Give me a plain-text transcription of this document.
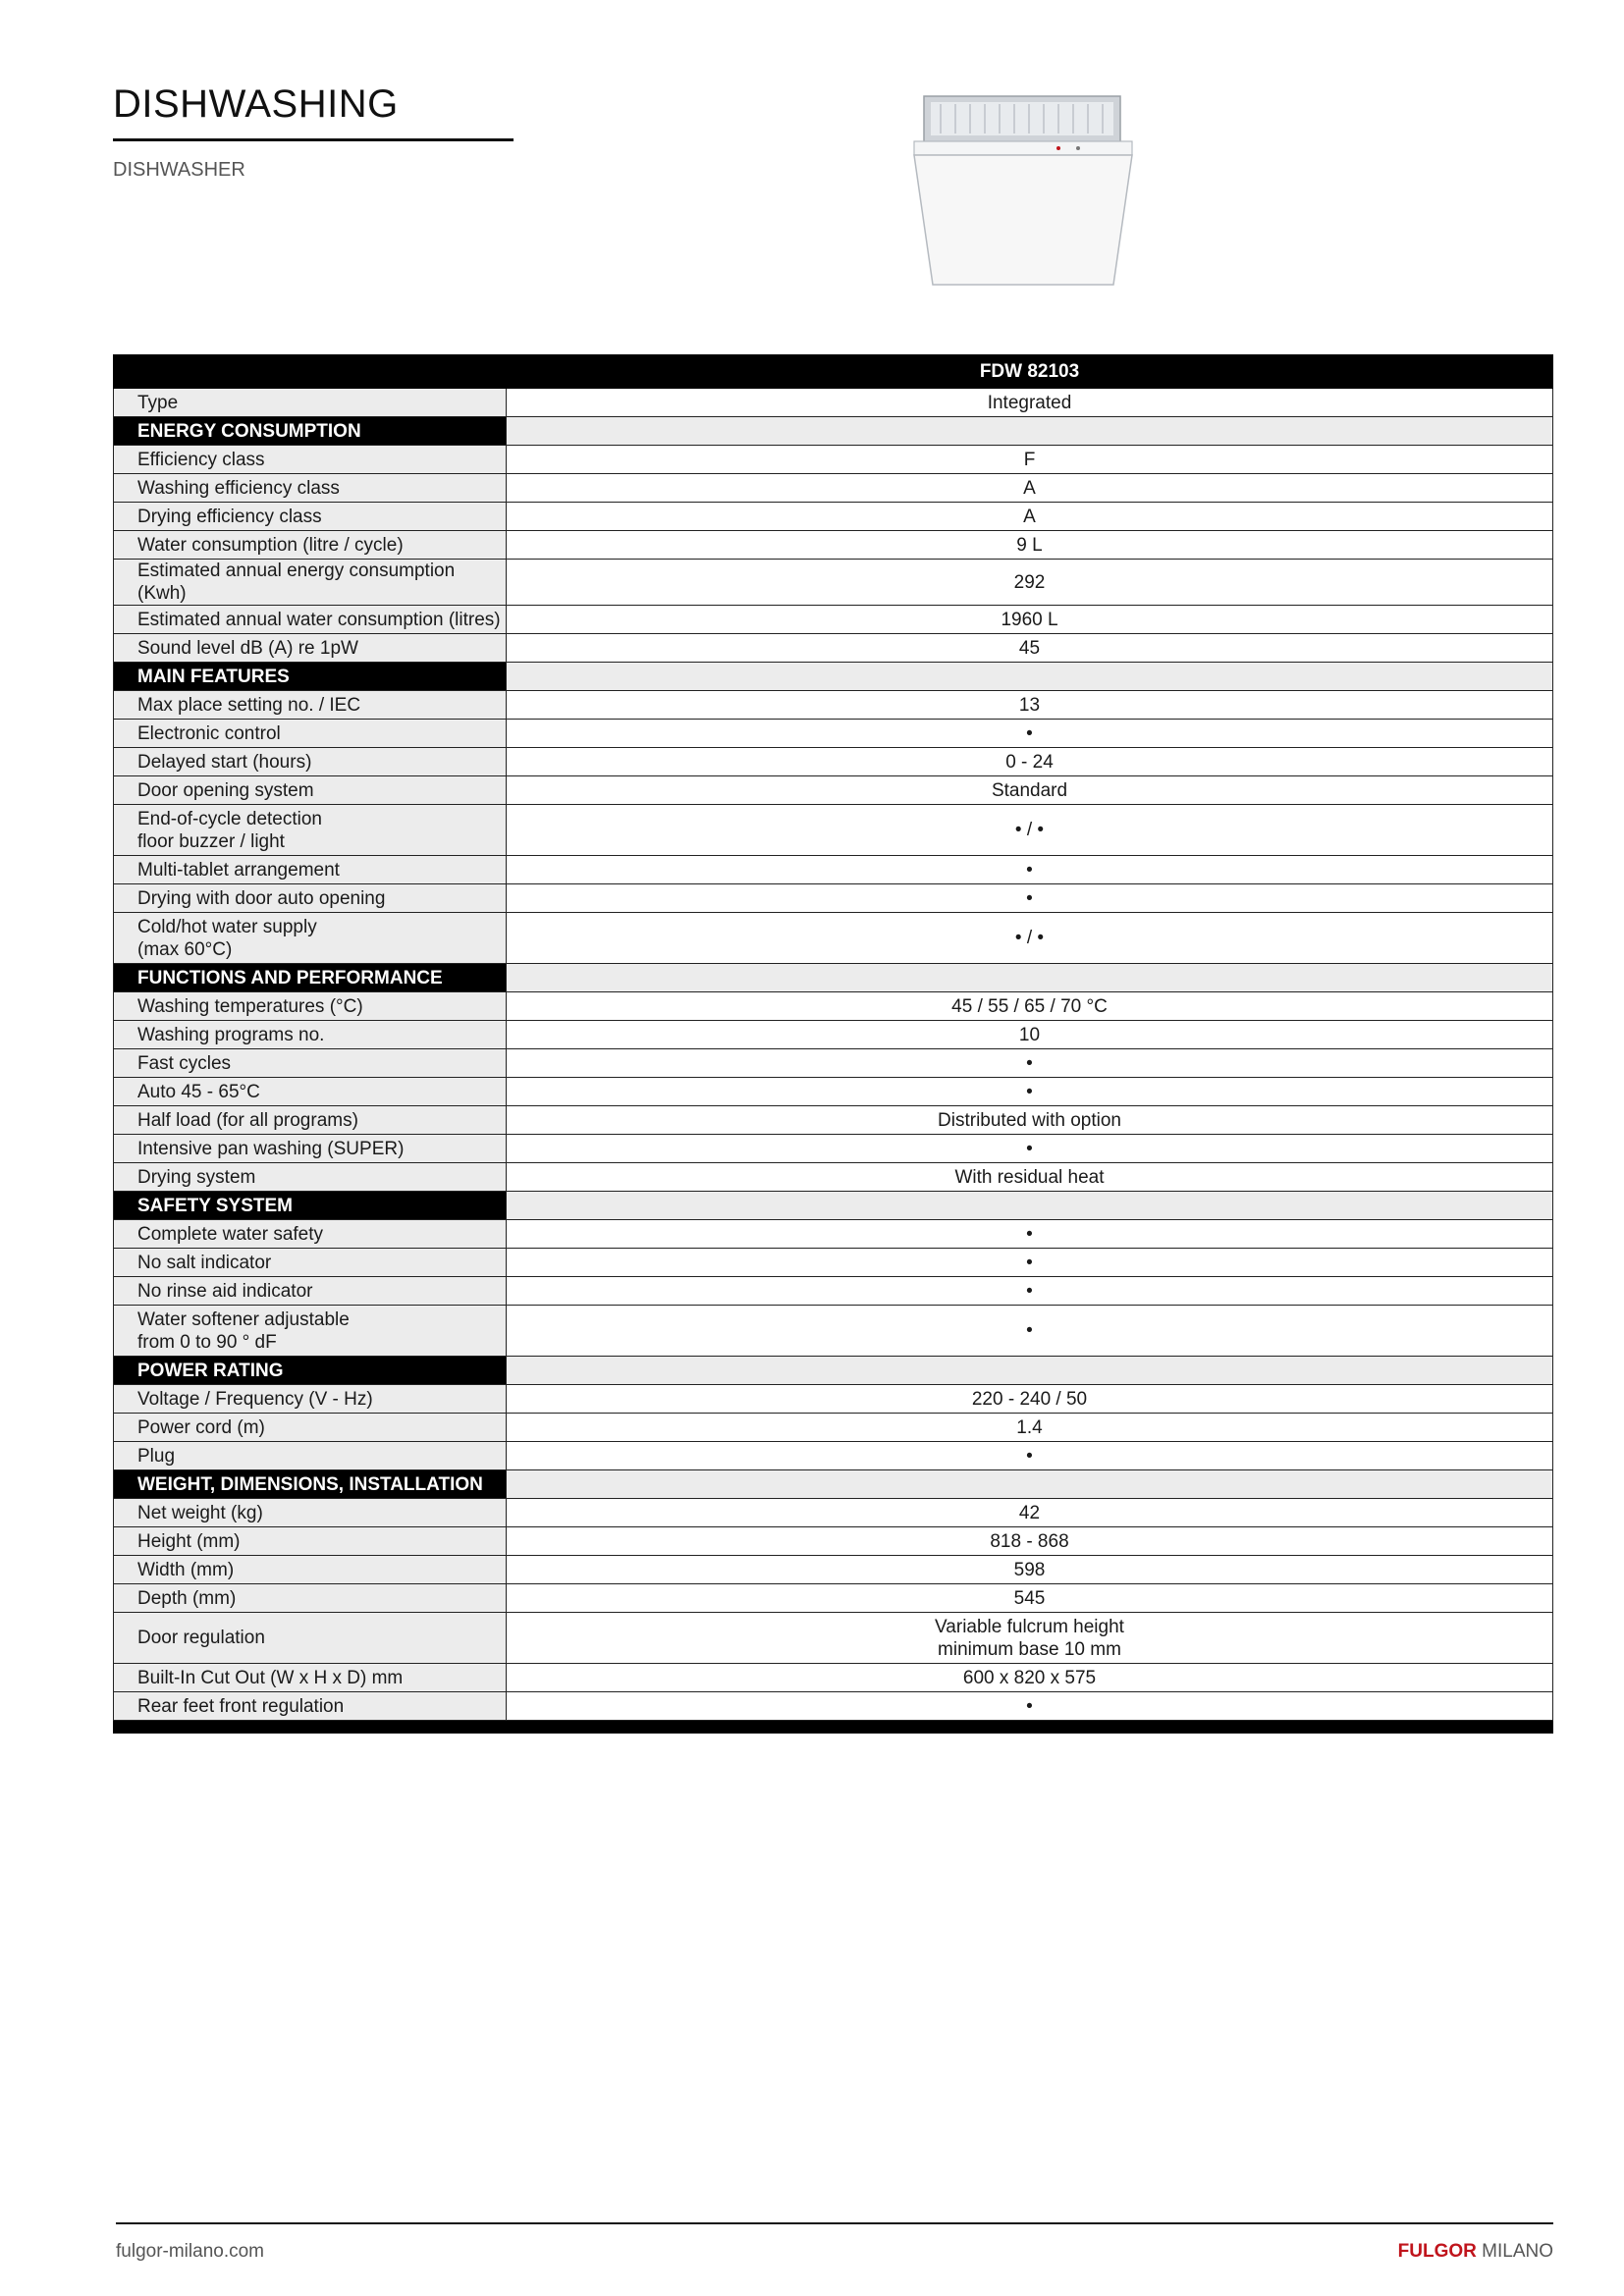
DISHWASHING
DISHWASHER
	FDW 82103
Type	Integrated
ENERGY CONSUMPTION	
Efficiency class	F
Washing efficiency class	A
Drying efficiency class	A
Water consumption (litre / cycle)	9 L
Estimated annual energy consumption (Kwh)	292
Estimated annual water consumption (litres)	1960 L
Sound level dB (A) re 1pW	45
MAIN FEATURES	
Max place setting no. / IEC	13
Electronic control	•
Delayed start (hours)	0 - 24
Door opening system	Standard
End-of-cycle detection
floor buzzer / light	• / •
Multi-tablet arrangement	•
Drying with door auto opening	•
Cold/hot water supply
(max 60°C)	• / •
FUNCTIONS AND PERFORMANCE	
Washing temperatures (°C)	45 / 55 / 65 / 70 °C
Washing programs no.	10
Fast cycles	•
Auto 45 - 65°C	•
Half load (for all programs)	Distributed with option
Intensive pan washing (SUPER)	•
Drying system	With residual heat
SAFETY SYSTEM	
Complete water safety	•
No salt indicator	•
No rinse aid indicator	•
Water softener adjustable
from 0 to 90 ° dF	•
POWER RATING	
Voltage / Frequency (V - Hz)	220 - 240 / 50
Power cord (m)	1.4
Plug	•
WEIGHT, DIMENSIONS, INSTALLATION	
Net weight (kg)	42
Height (mm)	818 - 868
Width (mm)	598
Depth (mm)	545
Door regulation	Variable fulcrum height
minimum base 10 mm
Built-In Cut Out (W x H x D) mm	600 x 820 x 575
Rear feet front regulation	•
fulgor-milano.com	FULGOR MILANO
